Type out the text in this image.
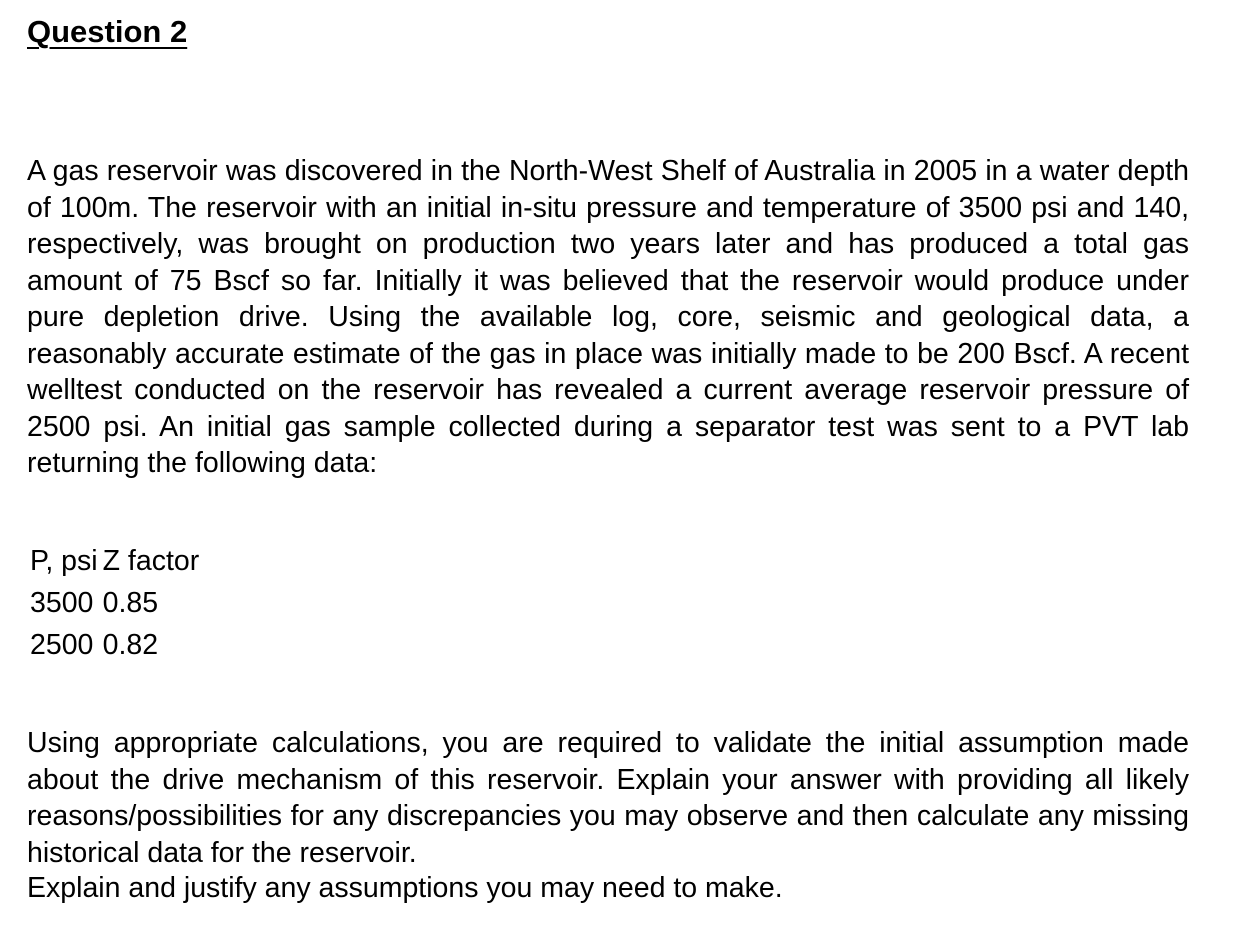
Question 2

A gas reservoir was discovered in the North-West Shelf of Australia in 2005 in a water depth of 100m. The reservoir with an initial in-situ pressure and temperature of 3500 psi and 140, respectively, was brought on production two years later and has produced a total gas amount of 75 Bscf so far. Initially it was believed that the reservoir would produce under pure depletion drive. Using the available log, core, seismic and geological data, a reasonably accurate estimate of the gas in place was initially made to be 200 Bscf. A recent welltest conducted on the reservoir has revealed a current average reservoir pressure of 2500 psi. An initial gas sample collected during a separator test was sent to a PVT lab returning the following data:

P, psi	Z factor
3500	0.85
2500	0.82

Using appropriate calculations, you are required to validate the initial assumption made about the drive mechanism of this reservoir. Explain your answer with providing all likely reasons/possibilities for any discrepancies you may observe and then calculate any missing historical data for the reservoir.

Explain and justify any assumptions you may need to make.
